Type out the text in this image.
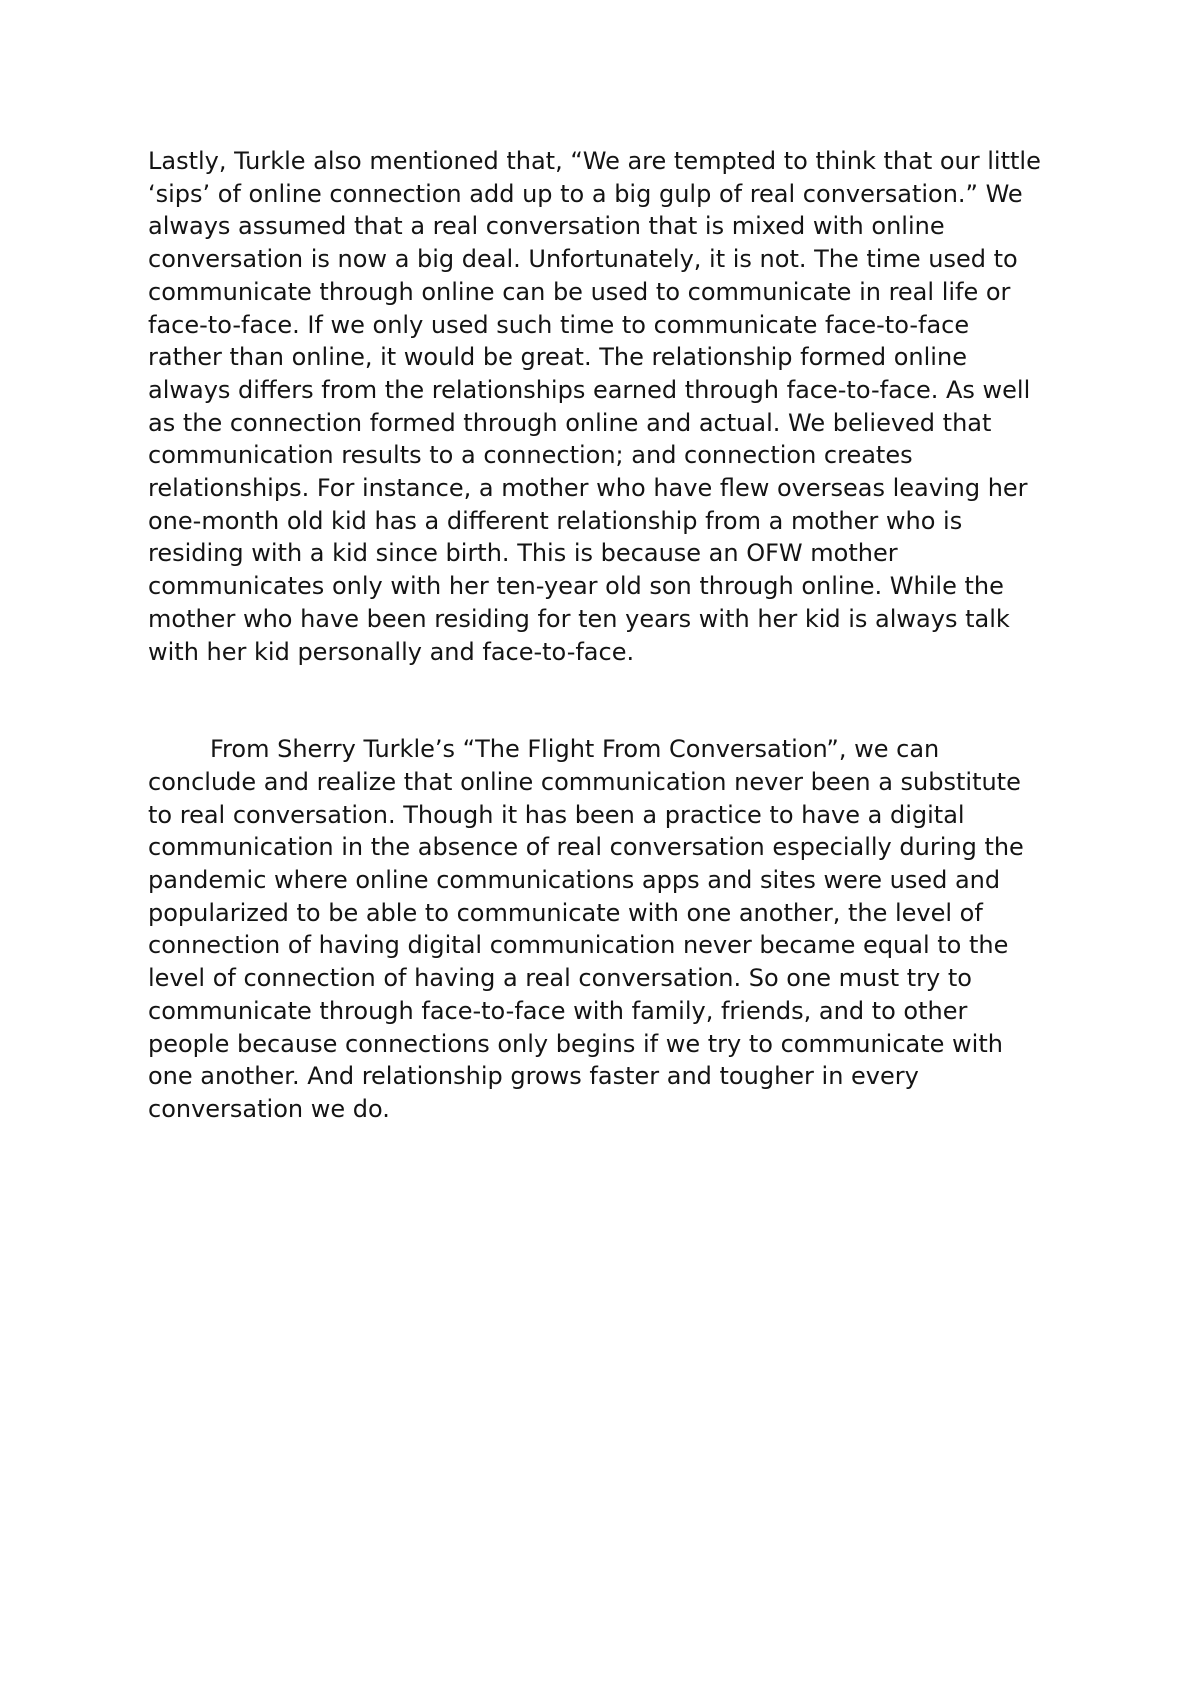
Lastly, Turkle also mentioned that, “We are tempted to think that our little
‘sips’ of online connection add up to a big gulp of real conversation.” We
always assumed that a real conversation that is mixed with online
conversation is now a big deal. Unfortunately, it is not. The time used to
communicate through online can be used to communicate in real life or
face-to-face. If we only used such time to communicate face-to-face
rather than online, it would be great. The relationship formed online
always differs from the relationships earned through face-to-face. As well
as the connection formed through online and actual. We believed that
communication results to a connection; and connection creates
relationships. For instance, a mother who have flew overseas leaving her
one-month old kid has a different relationship from a mother who is
residing with a kid since birth. This is because an OFW mother
communicates only with her ten-year old son through online. While the
mother who have been residing for ten years with her kid is always talk
with her kid personally and face-to-face.

From Sherry Turkle’s “The Flight From Conversation”, we can
conclude and realize that online communication never been a substitute
to real conversation. Though it has been a practice to have a digital
communication in the absence of real conversation especially during the
pandemic where online communications apps and sites were used and
popularized to be able to communicate with one another, the level of
connection of having digital communication never became equal to the
level of connection of having a real conversation. So one must try to
communicate through face-to-face with family, friends, and to other
people because connections only begins if we try to communicate with
one another. And relationship grows faster and tougher in every
conversation we do.
